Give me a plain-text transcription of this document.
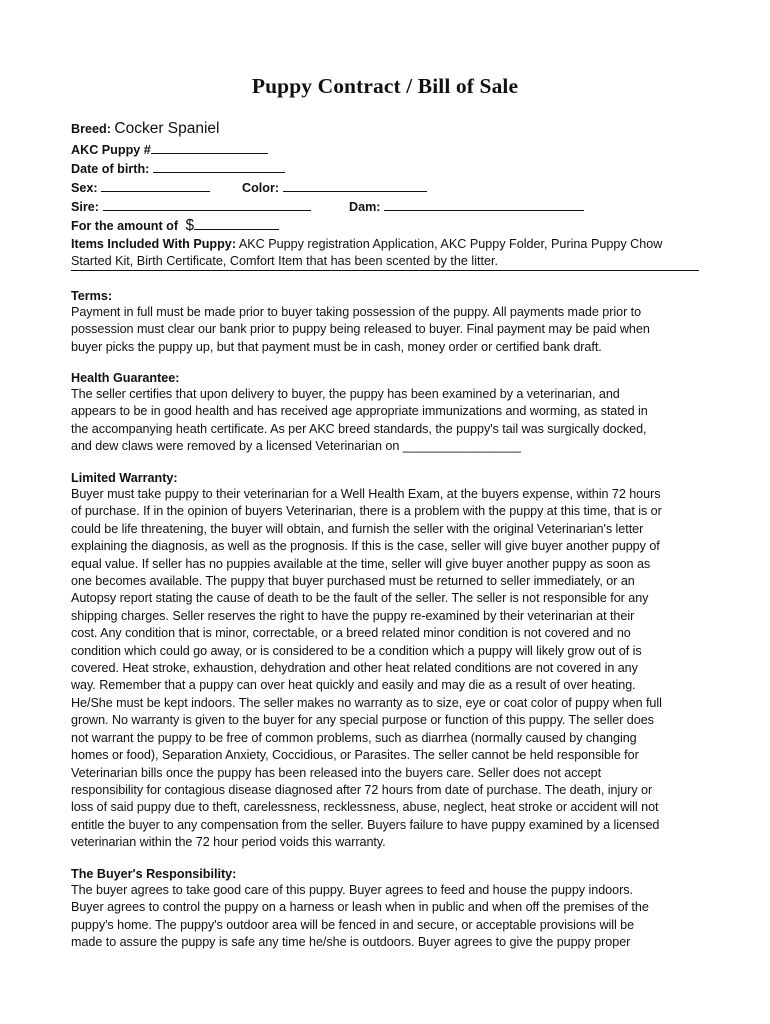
Puppy Contract / Bill of Sale
Breed: Cocker Spaniel
AKC Puppy #
Date of birth:
Sex:	Color:
Sire:	Dam:
For the amount of $
Items Included With Puppy: AKC Puppy registration Application, AKC Puppy Folder, Purina Puppy Chow
Started Kit, Birth Certificate, Comfort Item that has been scented by the litter.
Terms:
Payment in full must be made prior to buyer taking possession of the puppy. All payments made prior to
possession must clear our bank prior to puppy being released to buyer. Final payment may be paid when
buyer picks the puppy up, but that payment must be in cash, money order or certified bank draft.
Health Guarantee:
The seller certifies that upon delivery to buyer, the puppy has been examined by a veterinarian, and
appears to be in good health and has received age appropriate immunizations and worming, as stated in
the accompanying heath certificate. As per AKC breed standards, the puppy's tail was surgically docked,
and dew claws were removed by a licensed Veterinarian on _________________
Limited Warranty:
Buyer must take puppy to their veterinarian for a Well Health Exam, at the buyers expense, within 72 hours
of purchase. If in the opinion of buyers Veterinarian, there is a problem with the puppy at this time, that is or
could be life threatening, the buyer will obtain, and furnish the seller with the original Veterinarian's letter
explaining the diagnosis, as well as the prognosis. If this is the case, seller will give buyer another puppy of
equal value. If seller has no puppies available at the time, seller will give buyer another puppy as soon as
one becomes available. The puppy that buyer purchased must be returned to seller immediately, or an
Autopsy report stating the cause of death to be the fault of the seller. The seller is not responsible for any
shipping charges. Seller reserves the right to have the puppy re-examined by their veterinarian at their
cost. Any condition that is minor, correctable, or a breed related minor condition is not covered and no
condition which could go away, or is considered to be a condition which a puppy will likely grow out of is
covered. Heat stroke, exhaustion, dehydration and other heat related conditions are not covered in any
way. Remember that a puppy can over heat quickly and easily and may die as a result of over heating.
He/She must be kept indoors. The seller makes no warranty as to size, eye or coat color of puppy when full
grown. No warranty is given to the buyer for any special purpose or function of this puppy. The seller does
not warrant the puppy to be free of common problems, such as diarrhea (normally caused by changing
homes or food), Separation Anxiety, Coccidious, or Parasites. The seller cannot be held responsible for
Veterinarian bills once the puppy has been released into the buyers care. Seller does not accept
responsibility for contagious disease diagnosed after 72 hours from date of purchase. The death, injury or
loss of said puppy due to theft, carelessness, recklessness, abuse, neglect, heat stroke or accident will not
entitle the buyer to any compensation from the seller. Buyers failure to have puppy examined by a licensed
veterinarian within the 72 hour period voids this warranty.
The Buyer's Responsibility:
The buyer agrees to take good care of this puppy. Buyer agrees to feed and house the puppy indoors.
Buyer agrees to control the puppy on a harness or leash when in public and when off the premises of the
puppy's home. The puppy's outdoor area will be fenced in and secure, or acceptable provisions will be
made to assure the puppy is safe any time he/she is outdoors. Buyer agrees to give the puppy proper
